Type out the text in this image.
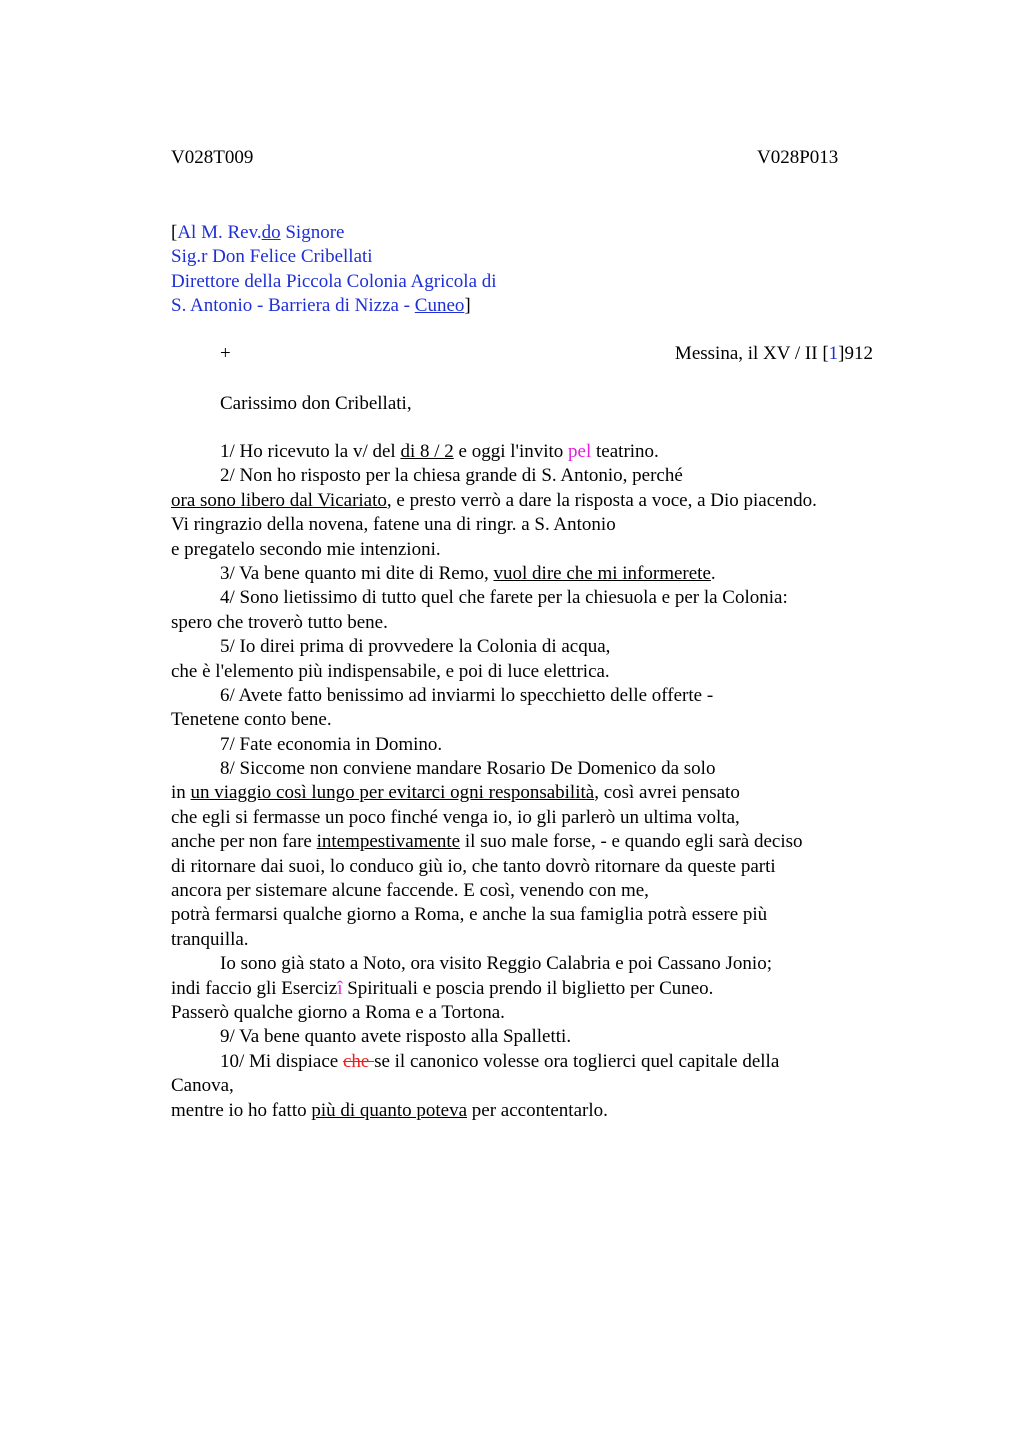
V028T009	V028P013
[Al M. Rev.do Signore
Sig.r Don Felice Cribellati
Direttore della Piccola Colonia Agricola di
S. Antonio - Barriera di Nizza - Cuneo]
+	Messina, il XV / II [1]912
Carissimo don Cribellati,
1/ Ho ricevuto la v/ del di 8 / 2 e oggi l'invito pel teatrino.
2/ Non ho risposto per la chiesa grande di S. Antonio, perché
ora sono libero dal Vicariato, e presto verrò a dare la risposta a voce, a Dio piacendo.
Vi ringrazio della novena, fatene una di ringr. a S. Antonio
e pregatelo secondo mie intenzioni.
3/ Va bene quanto mi dite di Remo, vuol dire che mi informerete.
4/ Sono lietissimo di tutto quel che farete per la chiesuola e per la Colonia:
spero che troverò tutto bene.
5/ Io direi prima di provvedere la Colonia di acqua,
che è l'elemento più indispensabile, e poi di luce elettrica.
6/ Avete fatto benissimo ad inviarmi lo specchietto delle offerte -
Tenetene conto bene.
7/ Fate economia in Domino.
8/ Siccome non conviene mandare Rosario De Domenico da solo
in un viaggio così lungo per evitarci ogni responsabilità, così avrei pensato
che egli si fermasse un poco finché venga io, io gli parlerò un ultima volta,
anche per non fare intempestivamente il suo male forse, - e quando egli sarà deciso
di ritornare dai suoi, lo conduco giù io, che tanto dovrò ritornare da queste parti
ancora per sistemare alcune faccende. E così, venendo con me,
potrà fermarsi qualche giorno a Roma, e anche la sua famiglia potrà essere più
tranquilla.
Io sono già stato a Noto, ora visito Reggio Calabria e poi Cassano Jonio;
indi faccio gli Esercizî Spirituali e poscia prendo il biglietto per Cuneo.
Passerò qualche giorno a Roma e a Tortona.
9/ Va bene quanto avete risposto alla Spalletti.
10/ Mi dispiace che se il canonico volesse ora toglierci quel capitale della
Canova,
mentre io ho fatto più di quanto poteva per accontentarlo.
